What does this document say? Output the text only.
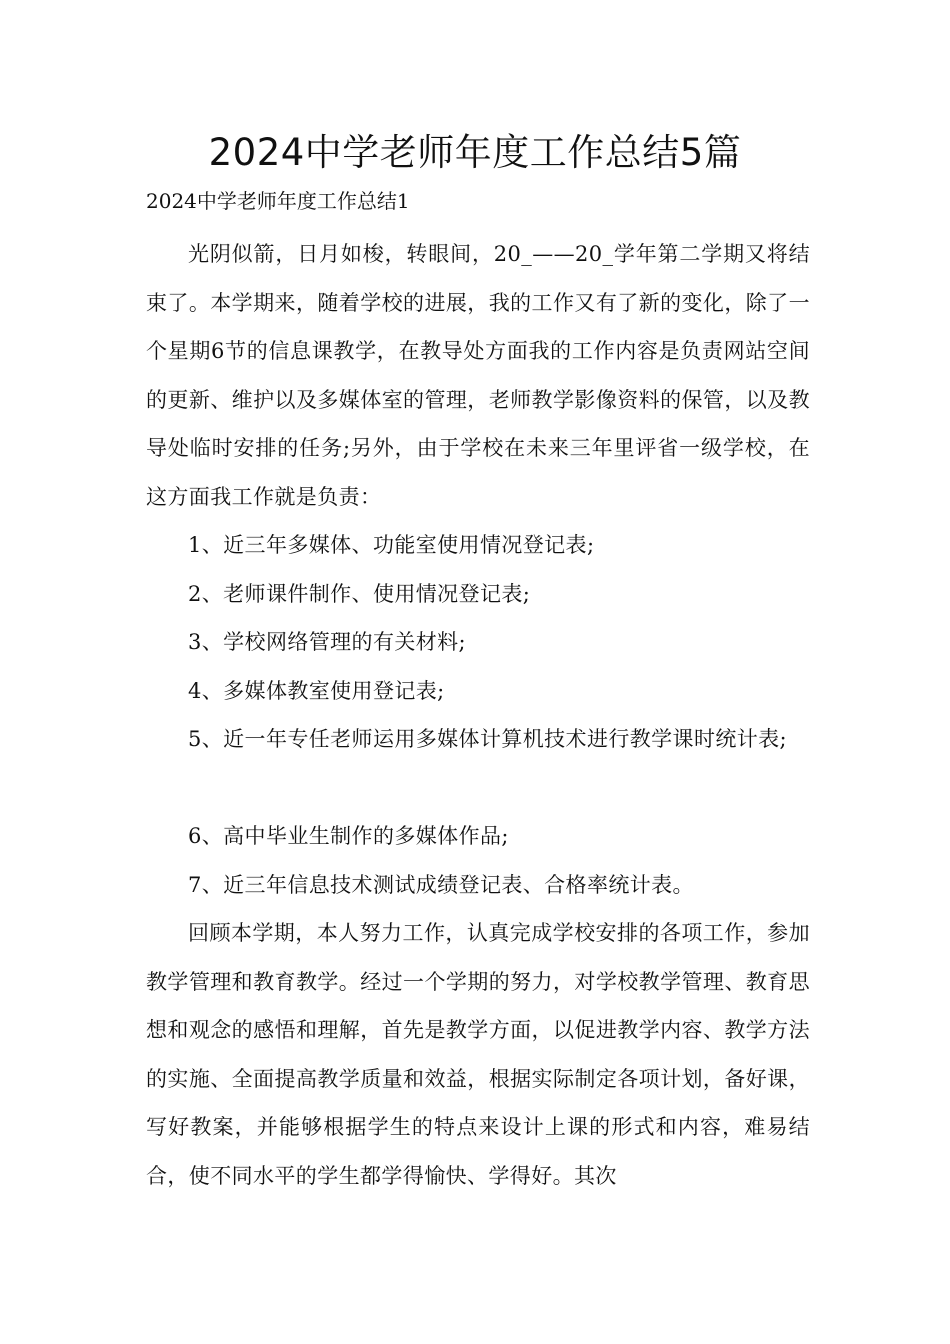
2024中学老师年度工作总结5篇
2024中学老师年度工作总结1

光阴似箭，日月如梭，转眼间，20_——20_学年第二学期又将结束了。本学期来，随着学校的进展，我的工作又有了新的变化，除了一个星期6节的信息课教学，在教导处方面我的工作内容是负责网站空间的更新、维护以及多媒体室的管理，老师教学影像资料的保管，以及教导处临时安排的任务;另外，由于学校在未来三年里评省一级学校，在这方面我工作就是负责：

1、近三年多媒体、功能室使用情况登记表;
2、老师课件制作、使用情况登记表;
3、学校网络管理的有关材料;
4、多媒体教室使用登记表;
5、近一年专任老师运用多媒体计算机技术进行教学课时统计表;
6、高中毕业生制作的多媒体作品;
7、近三年信息技术测试成绩登记表、合格率统计表。

回顾本学期，本人努力工作，认真完成学校安排的各项工作，参加教学管理和教育教学。经过一个学期的努力，对学校教学管理、教育思想和观念的感悟和理解，首先是教学方面，以促进教学内容、教学方法的实施、全面提高教学质量和效益，根据实际制定各项计划，备好课，写好教案，并能够根据学生的特点来设计上课的形式和内容，难易结合，使不同水平的学生都学得愉快、学得好。其次
